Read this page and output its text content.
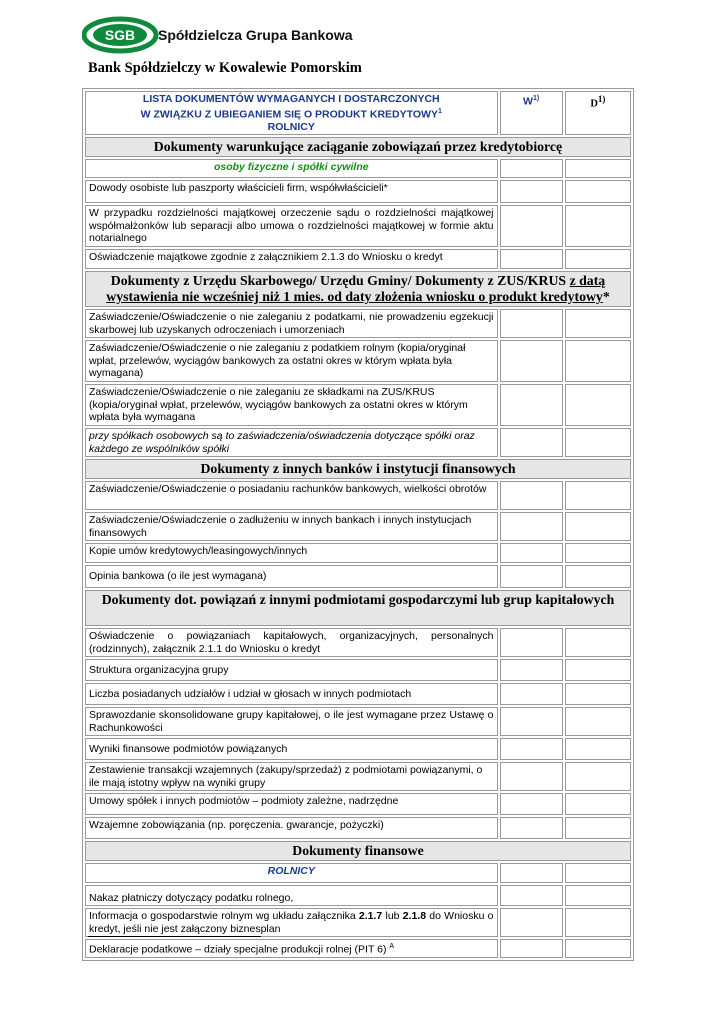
SGB Spółdzielcza Grupa Bankowa
Bank Spółdzielczy w Kowalewie Pomorskim
LISTA DOKUMENTÓW WYMAGANYCH I DOSTARCZONYCH
W ZWIĄZKU Z UBIEGANIEM SIĘ O PRODUKT KREDYTOWY$^1$
ROLNICY	$W^{1)}$	$D^{1)}$
Dokumenty warunkujące zaciąganie zobowiązań przez kredytobiorcę		
osoby fizyczne i spółki cywilne		
Dowody osobiste lub paszporty właścicieli firm, współwłaścicieli*		
W przypadku rozdzielności majątkowej orzeczenie sądu o rozdzielności majątkowej współmałżonków lub separacji albo umowa o rozdzielności majątkowej w formie aktu notarialnego		
Oświadczenie majątkowe zgodnie z załącznikiem 2.1.3 do Wniosku o kredyt		
Dokumenty z Urzędu Skarbowego/ Urzędu Gminy/ Dokumenty z ZUS/KRUS z datą wystawienia nie wcześniej niż 1 mies. od daty złożenia wniosku o produkt kredytowy*		
Zaświadczenie/Oświadczenie o nie zaleganiu z podatkami, nie prowadzeniu egzekucji skarbowej lub uzyskanych odroczeniach i umorzeniach		
Zaświadczenie/Oświadczenie o nie zaleganiu z podatkiem rolnym (kopia/oryginał wpłat, przelewów, wyciągów bankowych za ostatni okres w którym wpłata była wymagana)		
Zaświadczenie/Oświadczenie o nie zaleganiu ze składkami na ZUS/KRUS (kopia/oryginał wpłat, przelewów, wyciągów bankowych za ostatni okres w którym wpłata była wymagana		
przy spółkach osobowych są to zaświadczenia/oświadczenia dotyczące spółki oraz każdego ze wspólników spółki		
Dokumenty z innych banków i instytucji finansowych		
Zaświadczenie/Oświadczenie o posiadaniu rachunków bankowych, wielkości obrotów		
Zaświadczenie/Oświadczenie o zadłużeniu w innych bankach i innych instytucjach finansowych		
Kopie umów kredytowych/leasingowych/innych		
Opinia bankowa (o ile jest wymagana)		
Dokumenty dot. powiązań z innymi podmiotami gospodarczymi lub grup kapitałowych		
Oświadczenie o powiązaniach kapitałowych, organizacyjnych, personalnych (rodzinnych), załącznik 2.1.1 do Wniosku o kredyt		
Struktura organizacyjna grupy		
Liczba posiadanych udziałów i udział w głosach w innych podmiotach		
Sprawozdanie skonsolidowane grupy kapitałowej, o ile jest wymagane przez Ustawę o Rachunkowości		
Wyniki finansowe podmiotów powiązanych		
Zestawienie transakcji wzajemnych (zakupy/sprzedaż) z podmiotami powiązanymi, o ile mają istotny wpływ na wyniki grupy		
Umowy spółek i innych podmiotów – podmioty zależne, nadrzędne		
Wzajemne zobowiązania (np. poręczenia. gwarancje, pożyczki)		
Dokumenty finansowe		
ROLNICY		
Nakaz płatniczy dotyczący podatku rolnego,		
Informacja o gospodarstwie rolnym wg układu załącznika 2.1.7 lub 2.1.8 do Wniosku o kredyt, jeśli nie jest załączony biznesplan		
Deklaracje podatkowe – działy specjalne produkcji rolnej (PIT 6) $^A$		
